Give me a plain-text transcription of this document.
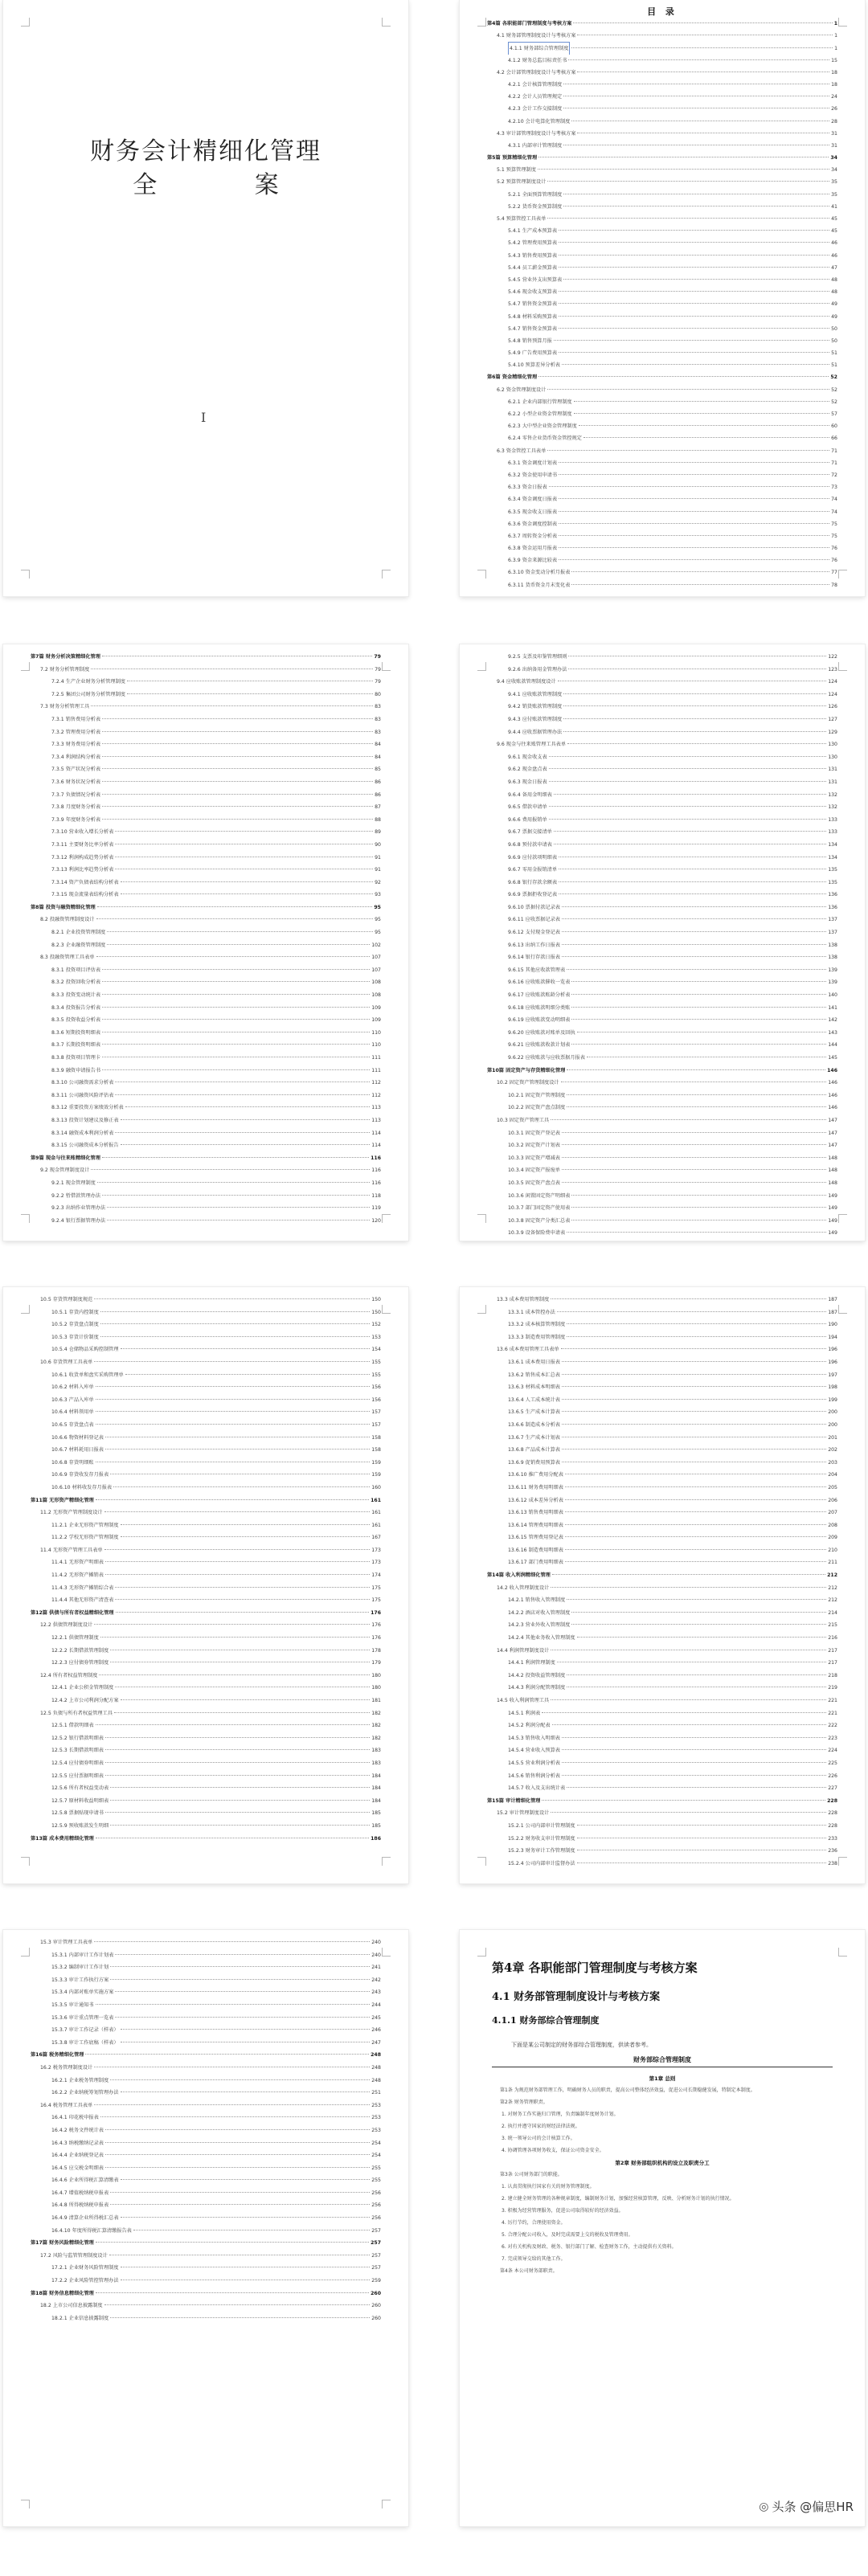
财务会计精细化管理
全 案
I
目 录
第4篇 各职能部门管理制度与考核方案	1
4.1 财务部管理制度设计与考核方案	1
4.1.1 财务部综合管理制度	1
4.1.2 财务总监目标责任书	15
4.2 会计部管理制度设计与考核方案	18
4.2.1 会计核算管理制度	18
4.2.2 会计人员管理规定	24
4.2.3 会计工作交接制度	26
4.2.10 会计电算化管理制度	28
4.3 审计部管理制度设计与考核方案	31
4.3.1 内部审计管理制度	31
第5篇 预算精细化管理	34
5.1 预算管理制度	34
5.2 预算管理制度设计	35
5.2.1 全面预算管理制度	35
5.2.2 货币资金预算制度	41
5.4 预算管控工具表单	45
5.4.1 生产成本预算表	45
5.4.2 管理费用预算表	46
5.4.3 销售费用预算表	46
5.4.4 员工薪金预算表	47
5.4.5 营业外支出预算表	48
5.4.6 现金收支预算表	48
5.4.7 销售资金预算表	49
5.4.8 材料采购预算表	49
5.4.7 销售资金预算表	50
5.4.8 销售预算月报	50
5.4.9 广告费用预算表	51
5.4.10 预算差异分析表	51
第6篇 资金精细化管理	52
6.2 资金管理制度设计	52
6.2.1 企业内部银行管理制度	52
6.2.2 小型企业资金管理制度	57
6.2.3 大中型企业资金管理制度	60
6.2.4 零售企业货币资金管控规定	66
6.3 资金管控工具表单	71
6.3.1 资金调度计划表	71
6.3.2 资金使用申请书	72
6.3.3 资金日报表	73
6.3.4 资金调度日报表	74
6.3.5 现金收支日报表	74
6.3.6 资金调度控制表	75
6.3.7 周转资金分析表	75
6.3.8 资金运用月报表	76
6.3.9 资金来源比较表	76
6.3.10 资金变动分析月报表	77
6.3.11 货币资金月末变化表	78
第7篇 财务分析决策精细化管理	79
7.2 财务分析管理制度	79
7.2.4 生产企业财务分析管理制度	79
7.2.5 集团公司财务分析管理制度	80
7.3 财务分析管理工具	83
7.3.1 销售费用分析表	83
7.3.2 管理费用分析表	83
7.3.3 财务费用分析表	84
7.3.4 利润结构分析表	84
7.3.5 资产状况分析表	85
7.3.6 财务状况分析表	86
7.3.7 负债情况分析表	86
7.3.8 月度财务分析表	87
7.3.9 年度财务分析表	88
7.3.10 营业收入增长分析表	89
7.3.11 主要财务比率分析表	90
7.3.12 利润构成趋势分析表	91
7.3.13 利润比率趋势分析表	91
7.3.14 资产负债表结构分析表	92
7.3.15 现金流量表结构分析表	93
第8篇 投资与融资精细化管理	95
8.2 投融资管理制度设计	95
8.2.1 企业投资管理制度	95
8.2.3 企业融资管理制度	102
8.3 投融资管理工具表单	107
8.3.1 投资项目评估表	107
8.3.2 投资回收分析表	108
8.3.3 投资变动统计表	108
8.3.4 投资报告分析表	109
8.3.5 投资收益分析表	109
8.3.6 短期投资明细表	110
8.3.7 长期投资明细表	110
8.3.8 投资项目管理卡	111
8.3.9 融资申请报告书	111
8.3.10 公司融资需求分析表	112
8.3.11 公司融资风险评估表	112
8.3.12 重要投资方案绩效分析表	113
8.3.13 投资计划建议及修正表	113
8.3.14 融资成本利润分析表	114
8.3.15 公司融资成本分析报告	114
第9篇 现金与往来账精细化管理	116
9.2 现金管理制度设计	116
9.2.1 现金管理制度	116
9.2.2 暂借款管理办法	118
9.2.3 出纳作业管理办法	119
9.2.4 银行票据管理办法	120
9.2.5 支票及印鉴管理细则	122
9.2.6 出纳备用金管理办法	123
9.4 应收账款管理制度设计	124
9.4.1 应收账款管理制度	124
9.4.2 销货账款管理制度	126
9.4.3 应付账款管理制度	127
9.4.4 应收票据管理办法	129
9.6 现金与往来账管理工具表单	130
9.6.1 现金收支表	130
9.6.2 现金盘点表	131
9.6.3 现金日报表	131
9.6.4 备用金明细表	132
9.6.5 借款申请单	132
9.6.6 费用报销单	133
9.6.7 票据交接清单	133
9.6.8 预付款申请表	134
9.6.9 应付款项明细表	134
9.6.7 零用金报销清单	135
9.6.8 银行存款余额表	135
9.6.9 票据拒收登记表	136
9.6.10 票据付款记录表	136
9.6.11 应收票据记录表	137
9.6.12 支付现金登记表	137
9.6.13 出纳工作日报表	138
9.6.14 银行存款日报表	138
9.6.15 其他应收款管理表	139
9.6.16 应收账款催收一览表	139
9.6.17 应收账款账龄分析表	140
9.6.18 应收账款明细分类账	141
9.6.19 应收账款变动明细表	142
9.6.20 应收账款对账单及回执	143
9.6.21 应收账款收款计划表	144
9.6.22 应收账款与应收票据月报表	145
第10篇 固定资产与存货精细化管理	146
10.2 固定资产管理制度设计	146
10.2.1 固定资产管理制度	146
10.2.2 固定资产盘点制度	146
10.3 固定资产管理工具	147
10.3.1 固定资产登记表	147
10.3.2 固定资产计划表	147
10.3.3 固定资产增减表	148
10.3.4 固定资产报废单	148
10.3.5 固定资产盘点表	148
10.3.6 闲置固定资产明细表	149
10.3.7 部门固定资产使用表	149
10.3.8 固定资产分类汇总表	149
10.3.9 设备保险费申请表	149
10.5 存货管理制度规范	150
10.5.1 存货内控制度	150
10.5.2 存货盘点制度	152
10.5.3 存货计价制度	153
10.5.4 仓储物品采购控制管理	154
10.6 存货管理工具表单	155
10.6.1 收货单和盘实采购管理单	155
10.6.2 材料入库单	156
10.6.3 产品入库单	156
10.6.4 材料领用单	157
10.6.5 存货盘点表	157
10.6.6 物资材料登记表	158
10.6.7 材料耗用日报表	158
10.6.8 存货明细账	159
10.6.9 存货收发存月报表	159
10.6.10 材料收发存月报表	160
第11篇 无形资产精细化管理	161
11.2 无形资产管理制度设计	161
11.2.1 企业无形资产管理制度	161
11.2.2 学校无形资产管理制度	167
11.4 无形资产管理工具表单	173
11.4.1 无形资产明细表	173
11.4.2 无形资产摊销表	174
11.4.3 无形资产摊销综合表	175
11.4.4 其他无形资产清查表	175
第12篇 供债与所有者权益精细化管理	176
12.2 供债管理制度设计	176
12.2.1 供债管理制度	176
12.2.2 长期借款管理制度	178
12.2.3 应付债券管理制度	179
12.4 所有者权益管理制度	180
12.4.1 企业公积金管理制度	180
12.4.2 上市公司利润分配方案	181
12.5 负债与所有者权益管理工具	182
12.5.1 借款明细表	182
12.5.2 银行借款明细表	182
12.5.3 长期借款明细表	183
12.5.4 应付债券明细表	183
12.5.5 应付票据明细表	184
12.5.6 所有者权益变动表	184
12.5.7 原材料收益明细表	184
12.5.8 票据贴现申请书	185
12.5.9 预收账款发生明细	185
第13篇 成本费用精细化管理	186
13.3 成本费用管理制度	187
13.3.1 成本管控办法	187
13.3.2 成本核算管理制度	190
13.3.3 制造费用管理制度	194
13.6 成本费用管理工具表单	196
13.6.1 成本费用日报表	196
13.6.2 销售成本汇总表	197
13.6.3 材料成本明细表	198
13.6.4 人工成本统计表	199
13.6.5 生产成本计算表	200
13.6.6 制造成本分析表	200
13.6.7 生产成本计划表	201
13.6.8 产品成本计算表	202
13.6.9 促销费用预算表	203
13.6.10 推广费用分配表	204
13.6.11 财务费用明细表	205
13.6.12 成本差异分析表	206
13.6.13 销售费用明细表	207
13.6.14 管理费用明细表	208
13.6.15 管理费用登记表	209
13.6.16 制造费用明细表	210
13.6.17 部门费用明细表	211
第14篇 收入利润精细化管理	212
14.2 收入管理制度设计	212
14.2.1 销售收入管理制度	212
14.2.2 酒店对收入管理制度	214
14.2.3 营业外收入管理制度	215
14.2.4 其他业务收入管理制度	216
14.4 利润管理制度设计	217
14.4.1 利润管理制度	217
14.4.2 投资收益管理制度	218
14.4.3 利润分配管理制度	219
14.5 收入利润管理工具	221
14.5.1 利润表	221
14.5.2 利润分配表	222
14.5.3 销售收入明细表	223
14.5.4 营业收入预算表	224
14.5.5 营业利润分析表	225
14.5.6 销售利润分析表	226
14.5.7 收入及支出统计表	227
第15篇 审计精细化管理	228
15.2 审计管理制度设计	228
15.2.1 公司内部审计管理制度	228
15.2.2 财务收支审计管理制度	233
15.2.3 财务审计工作管理制度	236
15.2.4 公司内部审计监督办法	238
15.3 审计管理工具表单	240
15.3.1 内部审计工作计划表	240
15.3.2 编制审计工作计划	241
15.3.3 审计工作执行方案	242
15.3.4 内部对账单实施方案	243
15.3.5 审计通知书	244
15.3.6 审计重点管理一览表	245
15.3.7 审计工作记录（样表）	246
15.3.8 审计工作底稿（样表）	247
第16篇 税务精细化管理	248
16.2 税务管理制度设计	248
16.2.1 企业税务管理制度	248
16.2.2 企业纳税筹划管理办法	251
16.4 税务管理工具表单	253
16.4.1 印花税申报表	253
16.4.2 税务文件统计表	253
16.4.3 纳税缴纳记录表	254
16.4.4 企业纳税登记表	254
16.4.5 应交税金明细表	255
16.4.6 企业所得税汇算清缴表	255
16.4.7 增值税纳税申报表	256
16.4.8 所得税纳税申报表	256
16.4.9 清算企业所得税汇总表	256
16.4.10 年度所得税汇算清缴报告表	257
第17篇 财务风险精细化管理	257
17.2 风险与监管管理制度设计	257
17.2.1 企业财务风险管理制度	257
17.2.2 企业风险管控管理办法	259
第18篇 财务信息精细化管理	260
18.2 上市公司信息披露制度	260
18.2.1 企业信息披露制度	260
第4章 各职能部门管理制度与考核方案
4.1 财务部管理制度设计与考核方案
4.1.1 财务部综合管理制度
下面是某公司制定的财务部综合管理制度，供读者参考。
财务部综合管理制度
第1章 总则

第1条 为规范财务部管理工作，明确财务人员的职责，提高公司整体经济效益，促进公司长期稳健发展，特制定本制度。

第2条 财务管理职责。

1. 对财务工作实施归口管理，负责编制年度财务计划。

2. 执行并遵守国家的财经法律法规。

3. 统一领导公司的会计核算工作。

4. 协调管理各项财务收支，保证公司资金安全。

第2章 财务部组织机构的设立及职责分工

第3条 公司财务部门的职能。

1. 认真贯彻执行国家有关的财务管理制度。

2. 建立健全财务管理的各种规章制度，编制财务计划，加强经营核算管理，反映、分析财务计划的执行情况。

3. 积极为经营管理服务，促进公司取得较好的经济效益。

4. 厉行节约，合理使用资金。

5. 合理分配公司收入，及时完成需要上交的税收及管理费用。

6. 对有关机构及财政、税务、银行部门了解、检查财务工作，主动提供有关资料。

7. 完成领导交给的其他工作。

第4条 本公司财务部职责。

◎ 头条 @偏思HR
